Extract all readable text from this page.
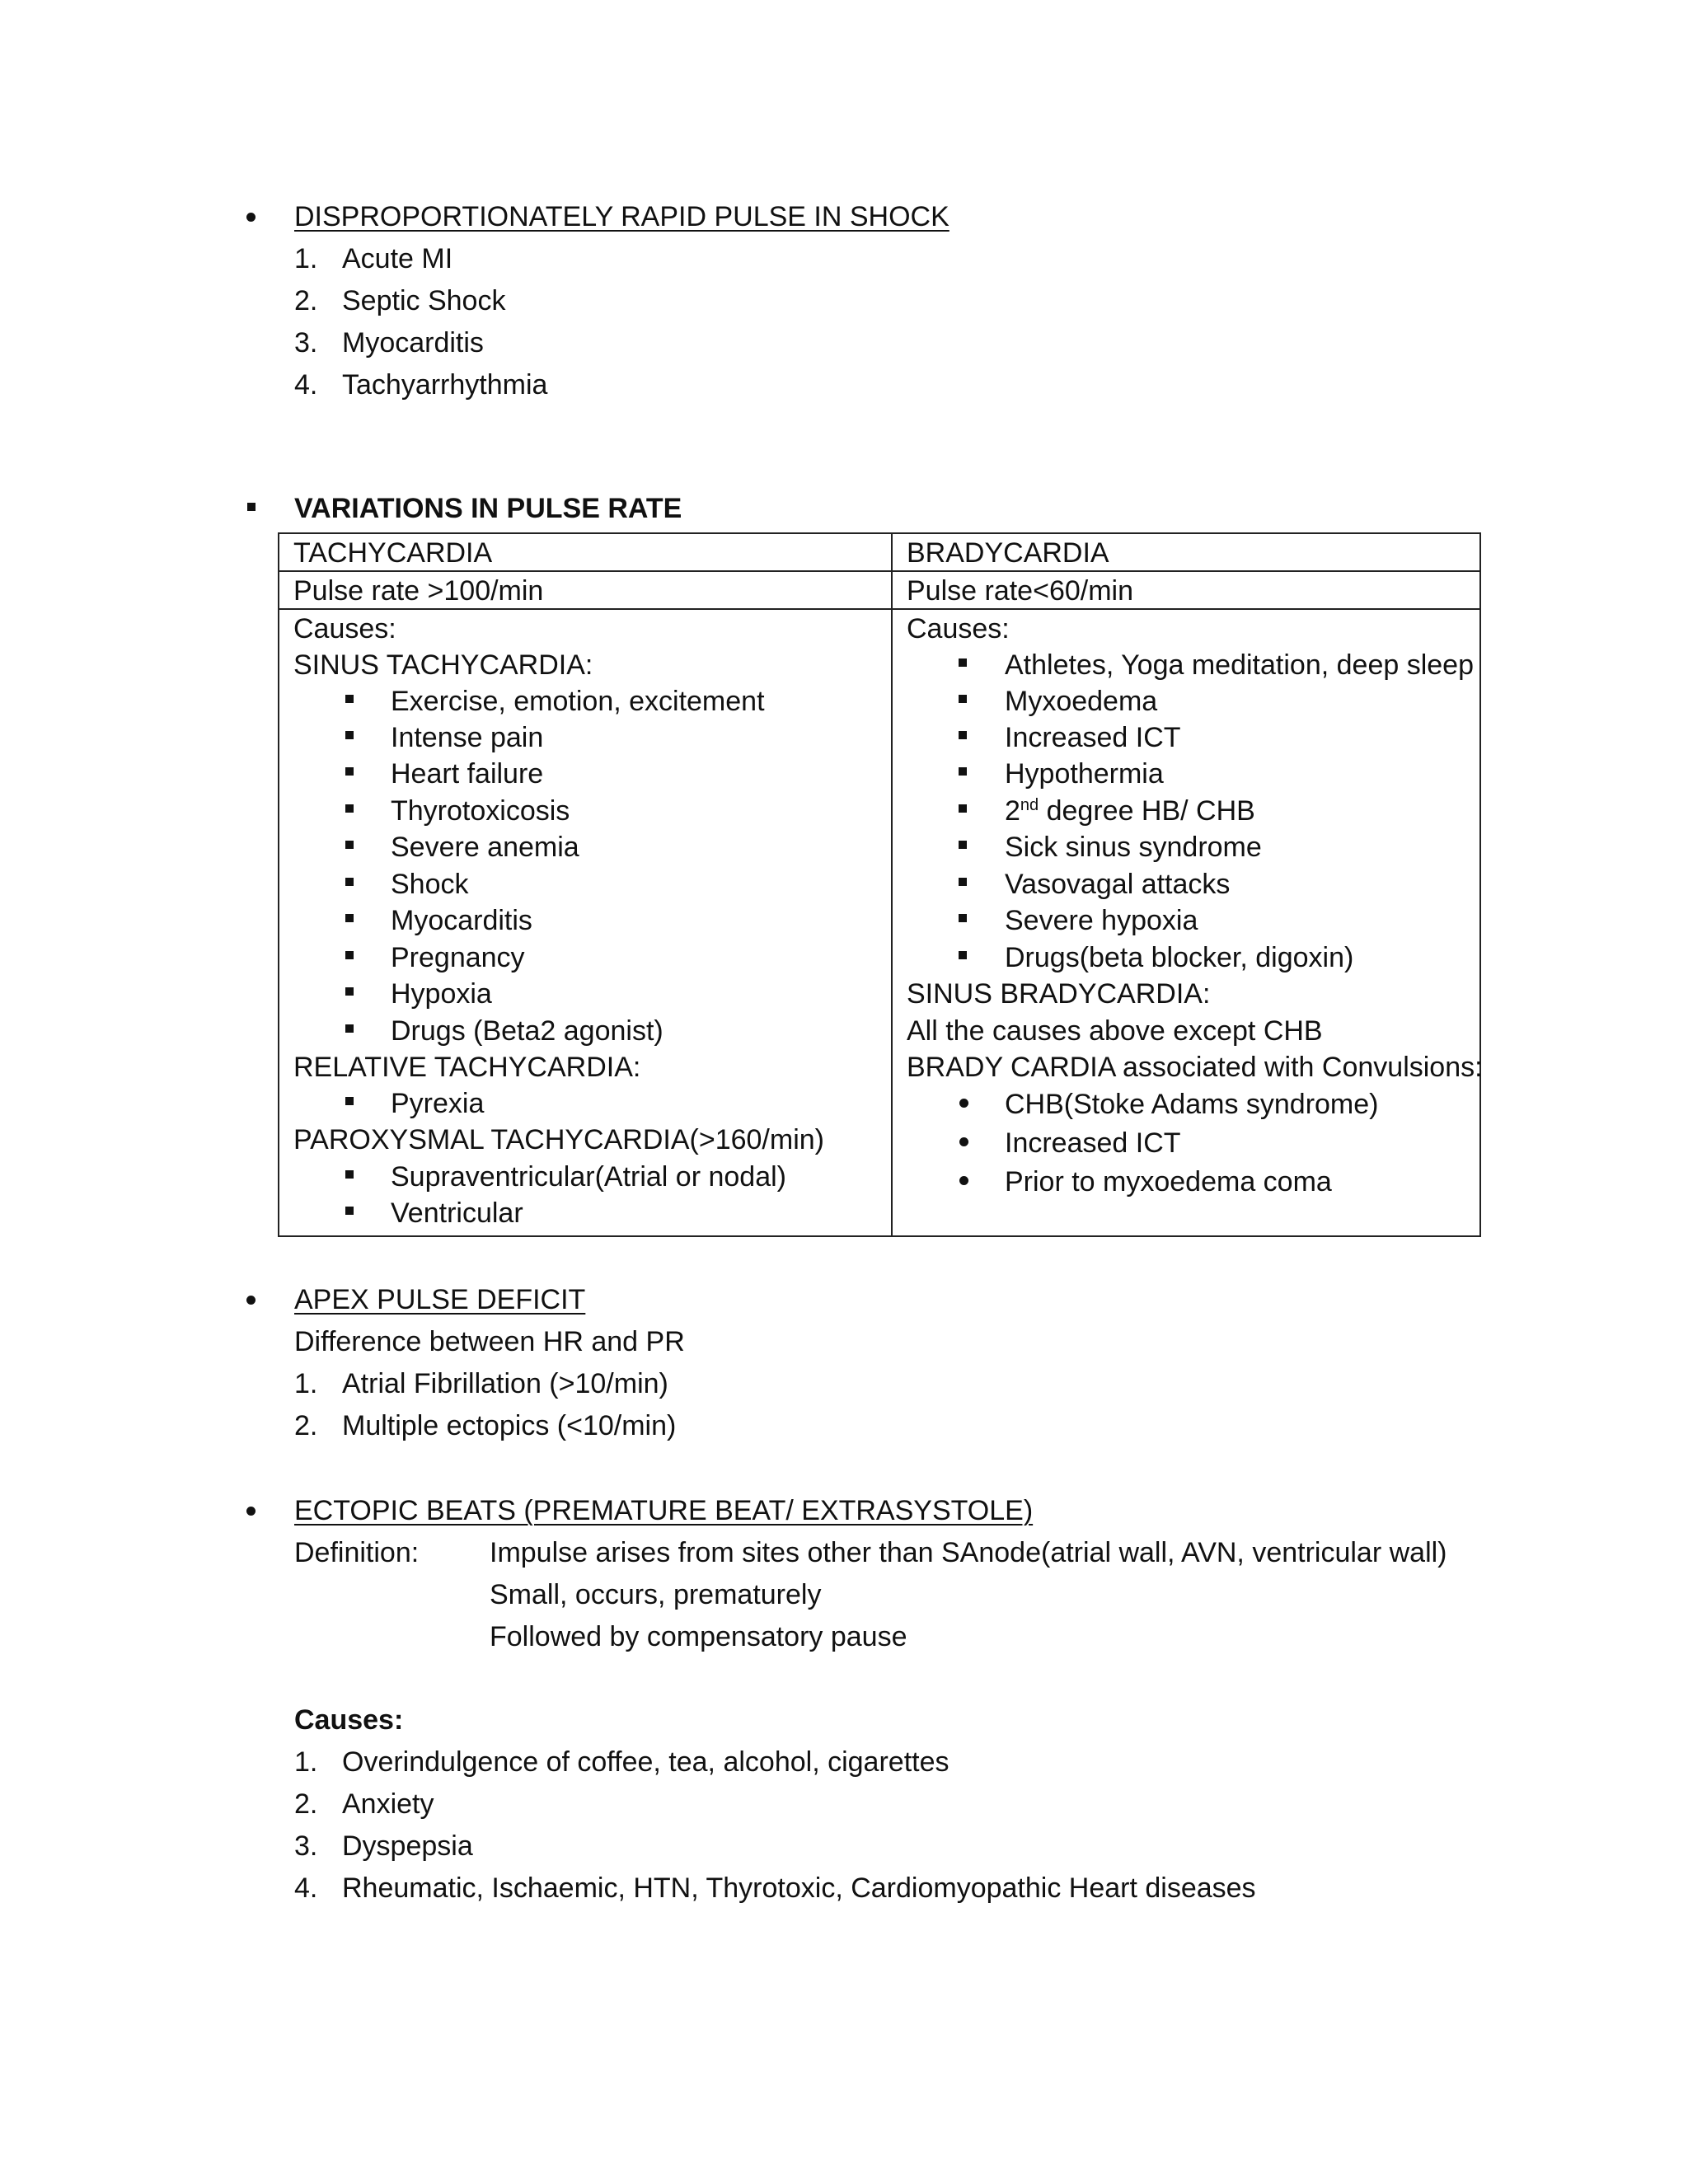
DISPROPORTIONATELY RAPID PULSE IN SHOCK
1. Acute MI
2. Septic Shock
3. Myocarditis
4. Tachyarrhythmia
VARIATIONS IN PULSE RATE
TACHYCARDIA
Pulse rate >100/min
Causes:
SINUS TACHYCARDIA:
Exercise, emotion, excitement
Intense pain
Heart failure
Thyrotoxicosis
Severe anemia
Shock
Myocarditis
Pregnancy
Hypoxia
Drugs (Beta2 agonist)
RELATIVE TACHYCARDIA:
Pyrexia
PAROXYSMAL TACHYCARDIA(>160/min)
Supraventricular(Atrial or nodal)
Ventricular
BRADYCARDIA
Pulse rate<60/min
Causes:
Athletes, Yoga meditation, deep sleep
Myxoedema
Increased ICT
Hypothermia
2nd degree HB/ CHB
Sick sinus syndrome
Vasovagal attacks
Severe hypoxia
Drugs(beta blocker, digoxin)
SINUS BRADYCARDIA:
All the causes above except CHB
BRADY CARDIA associated with Convulsions:
CHB(Stoke Adams syndrome)
Increased ICT
Prior to myxoedema coma
APEX PULSE DEFICIT
Difference between HR and PR
1. Atrial Fibrillation (>10/min)
2. Multiple ectopics (<10/min)
ECTOPIC BEATS (PREMATURE BEAT/ EXTRASYSTOLE)
Definition:	Impulse arises from sites other than SAnode(atrial wall, AVN, ventricular wall)
Small, occurs, prematurely
Followed by compensatory pause
Causes:
1. Overindulgence of coffee, tea, alcohol, cigarettes
2. Anxiety
3. Dyspepsia
4. Rheumatic, Ischaemic, HTN, Thyrotoxic, Cardiomyopathic Heart diseases
